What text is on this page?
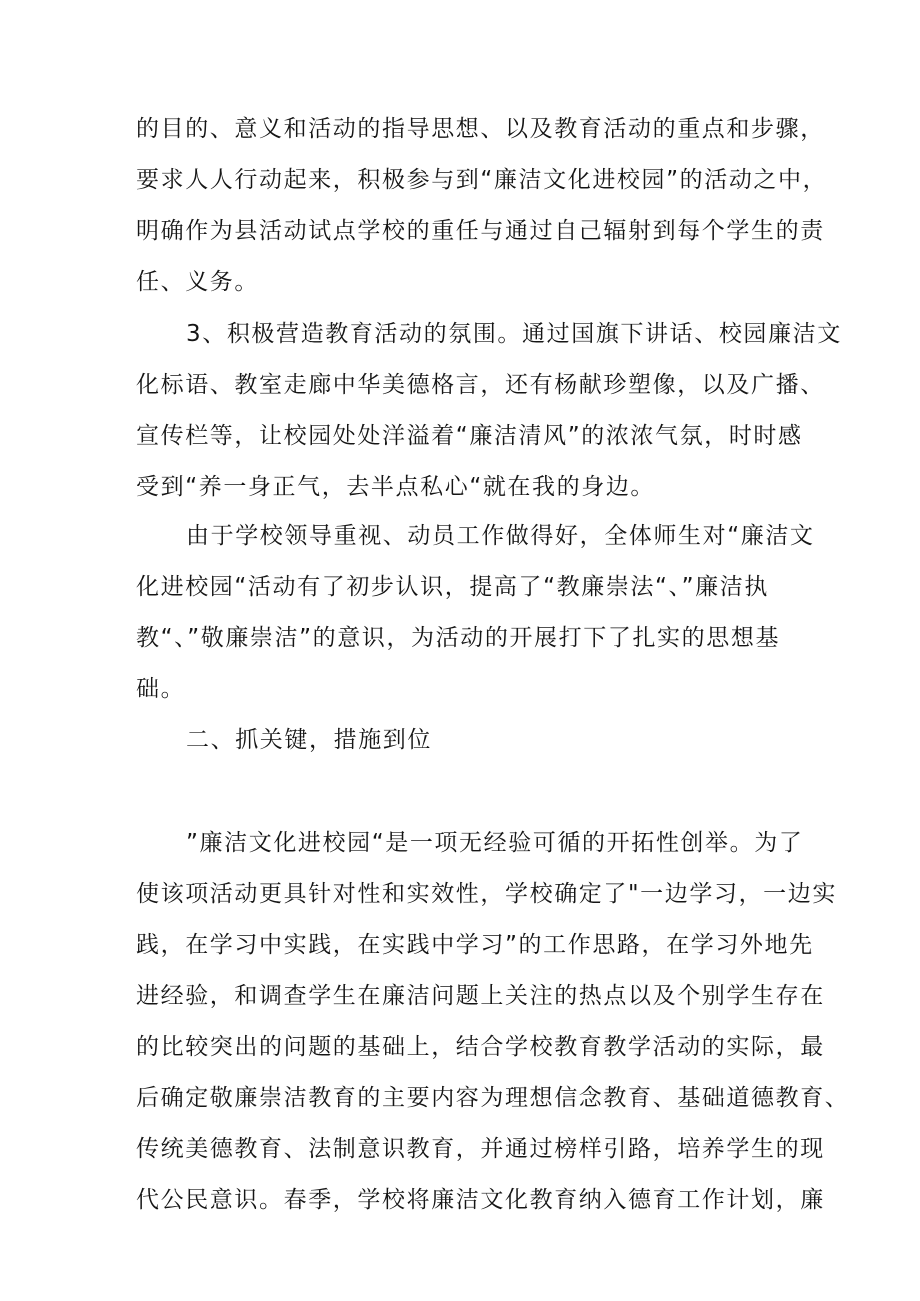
的目的、意义和活动的指导思想、以及教育活动的重点和步骤，
要求人人行动起来，积极参与到“廉洁文化进校园”的活动之中，
明确作为县活动试点学校的重任与通过自己辐射到每个学生的责
任、义务。
3、积极营造教育活动的氛围。通过国旗下讲话、校园廉洁文
化标语、教室走廊中华美德格言，还有杨献珍塑像，以及广播、
宣传栏等，让校园处处洋溢着“廉洁清风”的浓浓气氛，时时感
受到“养一身正气，去半点私心“就在我的身边。
由于学校领导重视、动员工作做得好，全体师生对“廉洁文
化进校园“活动有了初步认识，提高了“教廉崇法“、”廉洁执
教“、”敬廉崇洁”的意识，为活动的开展打下了扎实的思想基
础。
二、抓关键，措施到位
”廉洁文化进校园“是一项无经验可循的开拓性创举。为了
使该项活动更具针对性和实效性，学校确定了"一边学习，一边实
践，在学习中实践，在实践中学习”的工作思路，在学习外地先
进经验，和调查学生在廉洁问题上关注的热点以及个别学生存在
的比较突出的问题的基础上，结合学校教育教学活动的实际，最
后确定敬廉崇洁教育的主要内容为理想信念教育、基础道德教育、
传统美德教育、法制意识教育，并通过榜样引路，培养学生的现
代公民意识。春季，学校将廉洁文化教育纳入德育工作计划，廉
